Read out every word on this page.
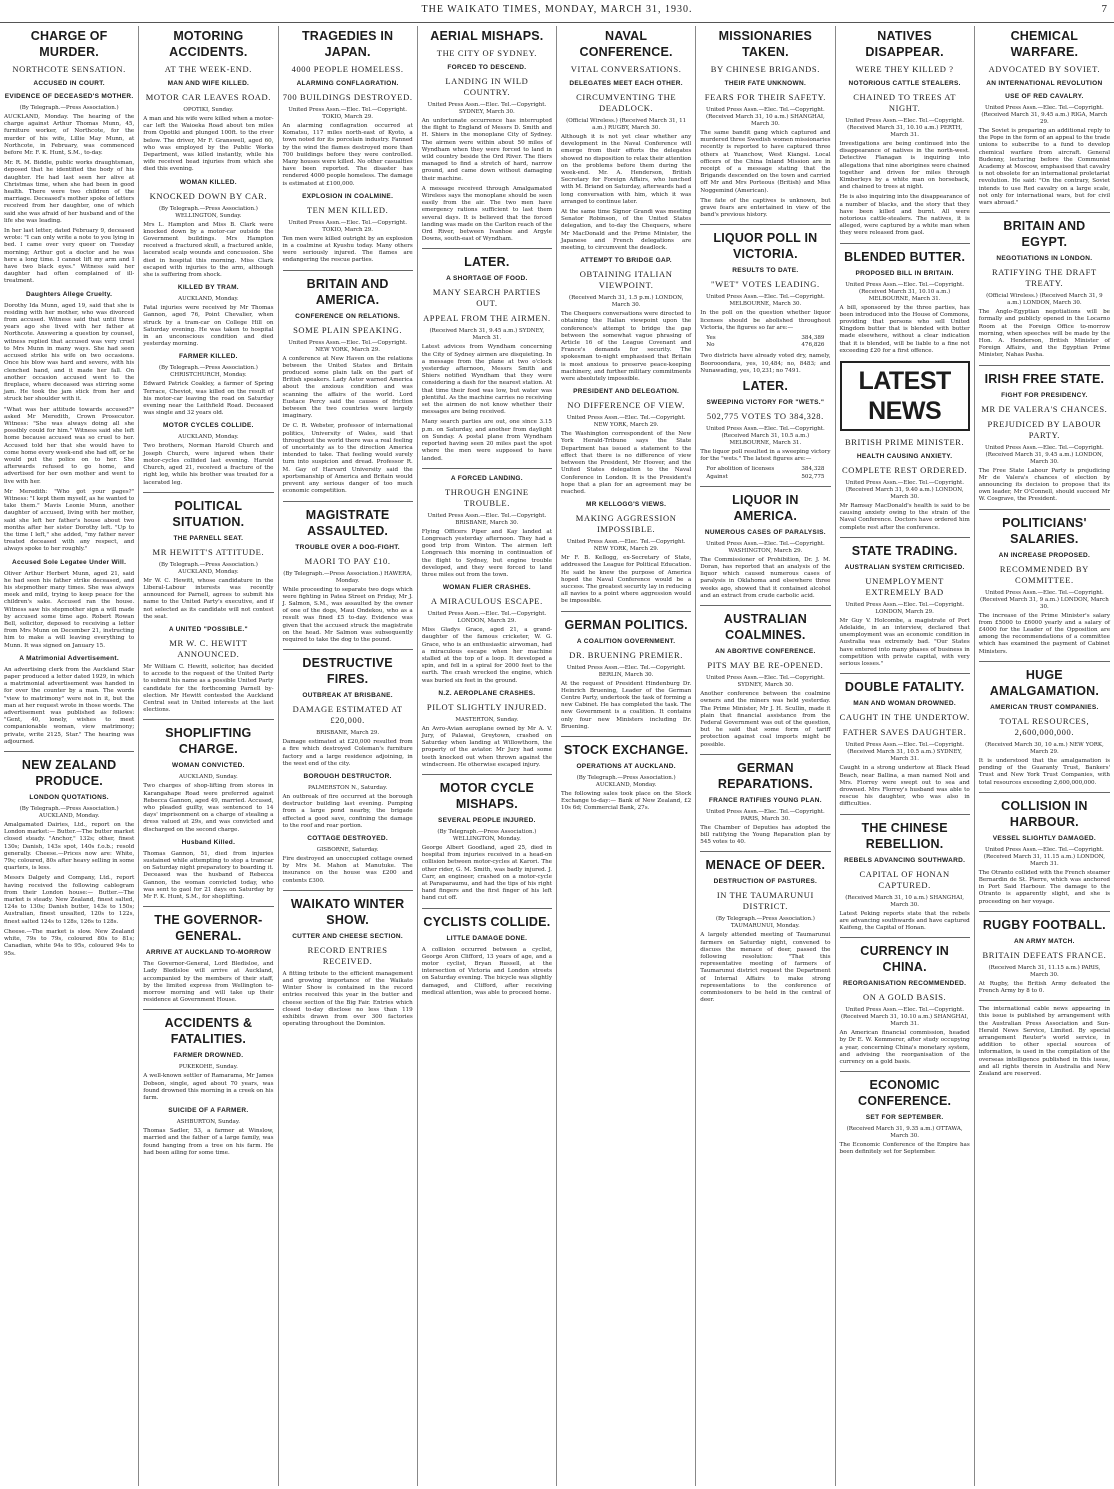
THE WAIKATO TIMES, MONDAY, MARCH 31, 1930.	7
CHARGE OF MURDER.
NORTHCOTE SENSATION.
ACCUSED IN COURT.
EVIDENCE OF DECEASED'S MOTHER.
(By Telegraph.—Press Association.)
AUCKLAND, Monday. The hearing of the charge against Arthur Thomas Munn, 45, furniture worker, of Northcote, for the murder of his wife, Lillie May Munn, at Northcote, in February, was commenced before Mr. F. K. Hunt, S.M., to-day.
Mr. R. M. Biddle, public works draughtsman, deposed that he identified the body of his daughter. He had last seen her alive at Christmas time, when she had been in good health. There were two children of the marriage. Deceased's mother spoke of letters received from her daughter, one of which said she was afraid of her husband and of the life she was leading.
In her last letter, dated February 9, deceased wrote: "I can only write a note to you lying in bed. I came over very queer on Tuesday morning; Arthur got a doctor and he was here a long time. I cannot lift my arm and I have two black eyes." Witness said her daughter had often complained of ill-treatment.
Daughters Allege Cruelty.
Dorothy Ida Munn, aged 19, said that she is residing with her mother, who was divorced from accused. Witness said that until three years ago she lived with her father at Northcote. Answering a question by counsel, witness replied that accused was very cruel to Mrs Munn in many ways. She had seen accused strike his wife on two occasions. Once his blow was hard and severe, with his clenched hand, and it made her fall. On another occasion accused went to the fireplace, where deceased was stirring some jam. He took the jam stick from her and struck her shoulder with it.
"What was her attitude towards accused?" asked Mr Meredith, Crown Prosecutor. Witness: "She was always doing all she possibly could for him." Witness said she left home because accused was so cruel to her. Accused told her that she would have to come home every week-end she had off, or he would put the police on to her. She afterwards refused to go home, and advertised for her own mother and went to live with her.
Mr Meredith: "Who got your pages?" Witness: "I kept them myself, as he wanted to take them." Mavis Leonie Munn, another daughter of accused, living with her mother, said she left her father's house about two months after her sister Dorothy left. "Up to the time I left," she added, "my father never treated deceased with any respect, and always spoke to her roughly."
Accused Sole Legatee Under Will.
Oliver Arthur Herbert Munn, aged 21, said he had seen his father strike deceased, and his stepmother many times. She was always meek and mild, trying to keep peace for the children's sake. Accused ran the house. Witness saw his stepmother sign a will made by accused some time ago. Robert Rowan Bell, solicitor, deposed to receiving a letter from Mrs Munn on December 21, instructing him to make a will leaving everything to Munn. It was signed on January 15.
A Matrimonial Advertisement.
An advertising clerk from the Auckland Star paper produced a letter dated 1929, in which a matrimonial advertisement was handed in for over the counter by a man. The words "view to matrimony" were not in it, but the man at her request wrote in those words. The advertisement was published as follows: "Gent, 40, lonely, wishes to meet companionable woman, view matrimony; private, write 2125, Star." The hearing was adjourned.
NEW ZEALAND PRODUCE.
LONDON QUOTATIONS.
(By Telegraph.—Press Association.) AUCKLAND, Monday.
Amalgamated Dairies, Ltd., report on the London market:— Butter.—The butter market closed steady. "Anchor," 132s; other, finest 130s; Danish, 143s spot, 140s f.o.b.; resold generally. Cheese.—Prices now are: White, 79s; coloured, 80s after heavy selling in some quarters, is less.
Messrs Dalgety and Company, Ltd., report having received the following cablegram from their London house:— Butter.—The market is steady. New Zealand, finest salted, 124s to 130s; Danish butter, 143s to 150s; Australian, finest unsalted, 120s to 122s, finest salted 124s to 128s, 126s to 128s.
Cheese.—The market is slow. New Zealand white, 79s to 79s, coloured 80s to 81s; Canadian, white 94s to 95s, coloured 94s to 95s.
MOTORING ACCIDENTS.
AT THE WEEK-END.
MAN AND WIFE KILLED.
MOTOR CAR LEAVES ROAD.
OPOTIKI, Sunday.
A man and his wife were killed when a motor-car left the Waioeka Road about ten miles from Opotiki and plunged 100ft. to the river below. The driver, Mr F. Granswell, aged 60, who was employed by the Public Works Department, was killed instantly, while his wife received head injuries from which she died this evening.
WOMAN KILLED.
KNOCKED DOWN BY CAR.
(By Telegraph.—Press Association.) WELLINGTON, Sunday.
Mrs L. Hampton and Miss B. Clark were knocked down by a motor-car outside the Government buildings. Mrs Hampton received a fractured skull, a fractured ankle, lacerated scalp wounds and concussion. She died in hospital this morning. Miss Clark escaped with injuries to the arm, although she is suffering from shock.
KILLED BY TRAM.
AUCKLAND, Monday.
Fatal injuries were received by Mr Thomas Gannon, aged 76, Point Chevalier, when struck by a tram-car on College Hill on Saturday evening. He was taken to hospital in an unconscious condition and died yesterday morning.
FARMER KILLED.
(By Telegraph.—Press Association.) CHRISTCHURCH, Monday.
Edward Patrick Coakley, a farmer of Spring Terrace, Cheviot, was killed on the result of his motor-car leaving the road on Saturday evening near the Leithfield Road. Deceased was single and 32 years old.
MOTOR CYCLES COLLIDE.
AUCKLAND, Monday.
Two brothers, Norman Harold Church and Joseph Church, were injured when their motor-cycles collided last evening. Harold Church, aged 21, received a fracture of the right leg, while his brother was treated for a lacerated leg.
POLITICAL SITUATION.
THE PARNELL SEAT.
MR HEWITT'S ATTITUDE.
(By Telegraph.—Press Association.) AUCKLAND, Monday.
Mr W. C. Hewitt, whose candidature in the Liberal-Labour interests was recently announced for Parnell, agrees to submit his name to the United Party's executive, and if not selected as its candidate will not contest the seat.
A UNITED "POSSIBLE."
MR W. C. HEWITT ANNOUNCED.
Mr William C. Hewitt, solicitor, has decided to accede to the request of the United Party to submit his name as a possible United Party candidate for the forthcoming Parnell by-election. Mr Hewitt contested the Auckland Central seat in United interests at the last elections.
SHOPLIFTING CHARGE.
WOMAN CONVICTED.
AUCKLAND, Sunday.
Two charges of shop-lifting from stores in Karangahape Road were preferred against Rebecca Gannon, aged 49, married. Accused, who pleaded guilty, was sentenced to 14 days' imprisonment on a charge of stealing a dress valued at 29s, and was convicted and discharged on the second charge.
Husband Killed.
Thomas Gannon, 51, died from injuries sustained while attempting to stop a tramcar on Saturday night preparatory to boarding it. Deceased was the husband of Rebecca Gannon, the woman convicted today, who was sent to gaol for 21 days on Saturday by Mr F. K. Hunt, S.M., for shoplifting.
THE GOVERNOR-GENERAL.
ARRIVE AT AUCKLAND TO-MORROW
The Governor-General, Lord Bledisloe, and Lady Bledisloe will arrive at Auckland, accompanied by the members of their staff, by the limited express from Wellington to-morrow morning and will take up their residence at Government House.
ACCIDENTS & FATALITIES.
FARMER DROWNED.
PUKEKOHE, Sunday.
A well-known settler of Ramarama, Mr James Dobson, single, aged about 70 years, was found drowned this morning in a creek on his farm.
SUICIDE OF A FARMER.
ASHBURTON, Sunday.
Thomas Sadler, 53, a farmer at Winslow, married and the father of a large family, was found hanging from a tree on his farm. He had been ailing for some time.
TRAGEDIES IN JAPAN.
4000 PEOPLE HOMELESS.
ALARMING CONFLAGRATION.
700 BUILDINGS DESTROYED.
United Press Assn.—Elec. Tel.—Copyright. TOKIO, March 29.
An alarming conflagration occurred at Komatsu, 117 miles north-east of Kyoto, a town noted for its porcelain industry. Fanned by the wind the flames destroyed more than 700 buildings before they were controlled. Many houses were killed. No other casualties have been reported. The disaster has rendered 4000 people homeless. The damage is estimated at £100,000.
EXPLOSION IN COALMINE.
TEN MEN KILLED.
United Press Assn.—Elec. Tel.—Copyright. TOKIO, March 29.
Ten men were killed outright by an explosion in a coalmine at Kyushu today. Many others were seriously injured. The flames are endangering the rescue parties.
BRITAIN AND AMERICA.
CONFERENCE ON RELATIONS.
SOME PLAIN SPEAKING.
United Press Assn.—Elec. Tel.—Copyright. NEW YORK, March 29.
A conference at New Haven on the relations between the United States and Britain produced some plain talk on the part of British speakers. Lady Astor warned America about the anxious condition and was scanning the affairs of the world. Lord Eustace Percy said the causes of friction between the two countries were largely imaginary.
Dr C. R. Webster, professor of international politics, University of Wales, said that throughout the world there was a real feeling of uncertainty as to the direction America intended to take. That feeling would surely turn into suspicion and dread. Professor R. M. Gay of Harvard University said the sportsmanship of America and Britain would prevent any serious danger of too much economic competition.
MAGISTRATE ASSAULTED.
TROUBLE OVER A DOG-FIGHT.
MAORI TO PAY £10.
(By Telegraph.—Press Association.) HAWERA, Monday.
While proceeding to separate two dogs which were fighting in Patea Street on Friday, Mr J. J. Salmon, S.M., was assaulted by the owner of one of the dogs, Maui Ondekou, who as a result was fined £5 to-day. Evidence was given that the accused struck the magistrate on the head. Mr Salmon was subsequently required to take the dog to the pound.
DESTRUCTIVE FIRES.
OUTBREAK AT BRISBANE.
DAMAGE ESTIMATED AT £20,000.
BRISBANE, March 29.
Damage estimated at £20,000 resulted from a fire which destroyed Coleman's furniture factory and a large residence adjoining, in the west end of the city.
BOROUGH DESTRUCTOR.
PALMERSTON N., Saturday.
An outbreak of fire occurred at the borough destructor building last evening. Pumping from a large pond nearby, the brigade effected a good save, confining the damage to the roof and rear portion.
COTTAGE DESTROYED.
GISBORNE, Saturday.
Fire destroyed an unoccupied cottage owned by Mrs M. Mahon at Manutuke. The insurance on the house was £200 and contents £300.
WAIKATO WINTER SHOW.
CUTTER AND CHEESE SECTION.
RECORD ENTRIES RECEIVED.
A fitting tribute to the efficient management and growing importance of the Waikato Winter Show is contained in the record entries received this year in the butter and cheese section of the Big Fair. Entries which closed to-day disclose no less than 119 exhibits drawn from over 300 factories operating throughout the Dominion.
AERIAL MISHAPS.
THE CITY OF SYDNEY.
FORCED TO DESCEND.
LANDING IN WILD COUNTRY.
United Press Assn.—Elec. Tel.—Copyright. SYDNEY, March 30.
An unfortunate occurrence has interrupted the flight to England of Messrs D. Smith and H. Shiers in the monoplane City of Sydney. The airmen were within about 50 miles of Wyndham when they were forced to land in wild country beside the Ord River. The fliers managed to find a stretch of hard, narrow ground, and came down without damaging their machine.
A message received through Amalgamated Wireless says the monoplane should be seen easily from the air. The two men have emergency rations sufficient to last them several days. It is believed that the forced landing was made on the Carlton reach of the Ord River, between Ivanhoe and Argyle Downs, south-east of Wyndham.
LATER.
A SHORTAGE OF FOOD.
MANY SEARCH PARTIES OUT.
APPEAL FROM THE AIRMEN.
(Received March 31, 9.45 a.m.) SYDNEY, March 31.
Latest advices from Wyndham concerning the City of Sydney airmen are disquieting. In a message from the plane at two o'clock yesterday afternoon, Messrs Smith and Shiers notified Wyndham that they were considering a dash for the nearest station. At that time their food was low, but water was plentiful. As the machine carries no receiving set the airmen do not know whether their messages are being received.
Many search parties are out, one since 3.15 p.m. on Saturday, and another from daylight on Sunday. A postal plane from Wyndham reported having seen 20 miles past the spot where the men were supposed to have landed.
A FORCED LANDING.
THROUGH ENGINE TROUBLE.
United Press Assn.—Elec. Tel.—Copyright. BRISBANE, March 30.
Flying Officers Piper and Kay landed at Longreach yesterday afternoon. They had a good trip from Winton. The airmen left Longreach this morning in continuation of the flight to Sydney, but engine trouble developed, and they were forced to land three miles out from the town.
WOMAN FLIER CRASHES.
A MIRACULOUS ESCAPE.
United Press Assn.—Elec. Tel.—Copyright. LONDON, March 29.
Miss Gladys Grace, aged 21, a grand-daughter of the famous cricketer, W. G. Grace, who is an enthusiastic airwoman, had a miraculous escape when her machine stalled at the top of a loop. It developed a spin, and fell in a spiral for 2000 feet to the earth. The crash wrecked the engine, which was buried six feet in the ground.
N.Z. AEROPLANE CRASHES.
PILOT SLIGHTLY INJURED.
MASTERTON, Sunday.
An Avro-Avian aeroplane owned by Mr A. V. Jury, of Palawai, Greytown, crashed on Saturday when landing at Willowthorn, the property of the aviator. Mr Jury had some teeth knocked out when thrown against the windscreen. He otherwise escaped injury.
MOTOR CYCLE MISHAPS.
SEVERAL PEOPLE INJURED.
(By Telegraph.—Press Association.) WELLINGTON, Monday.
George Albert Goodland, aged 25, died in hospital from injuries received in a head-on collision between motor-cycles at Karori. The other rider, G. M. Smith, was badly injured. J. Carr, an engineer, crashed on a motor-cycle at Paraparaumu, and had the tips of his right hand fingers and the first finger of his left hand cut off.
CYCLISTS COLLIDE.
LITTLE DAMAGE DONE.
A collision occurred between a cyclist, George Aron Clifford, 13 years of age, and a motor cyclist, Bryan Russell, at the intersection of Victoria and London streets on Saturday evening. The bicycle was slightly damaged, and Clifford, after receiving medical attention, was able to proceed home.
NAVAL CONFERENCE.
VITAL CONVERSATIONS.
DELEGATES MEET EACH OTHER.
CIRCUMVENTING THE DEADLOCK.
(Official Wireless.) (Received March 31, 11 a.m.) RUGBY, March 30.
Although it is not yet clear whether any development in the Naval Conference will emerge from their efforts the delegates showed no disposition to relax their attention on the problems before them during the week-end. Mr. A. Henderson, British Secretary for Foreign Affairs, who lunched with M. Briand on Saturday, afterwards had a long conversation with him, which it was arranged to continue later.
At the same time Signor Grandi was meeting Senator Robinson, of the United States delegation, and to-day the Chequers, where Mr MacDonald and the Prime Minister, the Japanese and French delegations are meeting, to circumvent the deadlock.
ATTEMPT TO BRIDGE GAP.
OBTAINING ITALIAN VIEWPOINT.
(Received March 31, 1.5 p.m.) LONDON, March 30.
The Chequers conversations were directed to obtaining the Italian viewpoint upon the conference's attempt to bridge the gap between the somewhat vague phrasing of Article 16 of the League Covenant and France's demands for security. The spokesman to-night emphasised that Britain is most anxious to preserve peace-keeping machinery, and further military commitments were absolutely impossible.
PRESIDENT AND DELEGATION.
NO DIFFERENCE OF VIEW.
United Press Assn.—Elec. Tel.—Copyright. NEW YORK, March 29.
The Washington correspondent of the New York Herald-Tribune says the State Department has issued a statement to the effect that there is no difference of view between the President, Mr Hoover, and the United States delegation to the Naval Conference in London. It is the President's hope that a plan for an agreement may be reached.
MR KELLOGG'S VIEWS.
MAKING AGGRESSION IMPOSSIBLE.
United Press Assn.—Elec. Tel.—Copyright. NEW YORK, March 29.
Mr F. B. Kellogg, ex-Secretary of State, addressed the League for Political Education. He said he knew the purpose of America hoped the Naval Conference would be a success. The greatest security lay in reducing all navies to a point where aggression would be impossible.
GERMAN POLITICS.
A COALITION GOVERNMENT.
DR. BRUENING PREMIER.
United Press Assn.—Elec. Tel.—Copyright. BERLIN, March 30.
At the request of President Hindenburg Dr. Heinrich Bruening, Leader of the German Centre Party, undertook the task of forming a new Cabinet. He has completed the task. The new Government is a coalition. It contains only four new Ministers including Dr. Bruening.
STOCK EXCHANGE.
OPERATIONS AT AUCKLAND.
(By Telegraph.—Press Association.) AUCKLAND, Monday.
The following sales took place on the Stock Exchange to-day:— Bank of New Zealand, £2 10s 6d; Commercial Bank, 27s.
MISSIONARIES TAKEN.
BY CHINESE BRIGANDS.
THEIR FATE UNKNOWN.
FEARS FOR THEIR SAFETY.
United Press Assn.—Elec. Tel.—Copyright. (Received March 31, 10 a.m.) SHANGHAI, March 30.
The same bandit gang which captured and murdered three Swedish women missionaries recently is reported to have captured three others at Yuanchow, West Kiangsi. Local officers of the China Inland Mission are in receipt of a message stating that the Brigands descended on the town and carried off Mr and Mrs Porteous (British) and Miss Noggemind (American).
The fate of the captives is unknown, but grave fears are entertained in view of the band's previous history.
LIQUOR POLL IN VICTORIA.
RESULTS TO DATE.
"WET" VOTES LEADING.
United Press Assn.—Elec. Tel.—Copyright. MELBOURNE, March 30.
In the poll on the question whether liquor licenses should be abolished throughout Victoria, the figures so far are:—
Yes	384,389
No	476,826
Two districts have already voted dry, namely, Boorooondara, yes, 10,484; no, 8483; and Nunawading, yes, 10,231; no 7491.
LATER.
SWEEPING VICTORY FOR "WETS."
502,775 VOTES TO 384,328.
United Press Assn.—Elec. Tel.—Copyright. (Received March 31, 10.5 a.m.) MELBOURNE, March 31.
The liquor poll resulted in a sweeping victory for the "wets." The latest figures are:—
For abolition of licenses	384,328
Against	502,775
LIQUOR IN AMERICA.
NUMEROUS CASES OF PARALYSIS.
United Press Assn.—Elec. Tel.—Copyright. WASHINGTON, March 29.
The Commissioner of Prohibition, Dr. J. M. Doran, has reported that an analysis of the liquor which caused numerous cases of paralysis in Oklahoma and elsewhere three weeks ago, showed that it contained alcohol and an extract from crude carbolic acid.
AUSTRALIAN COALMINES.
AN ABORTIVE CONFERENCE.
PITS MAY BE RE-OPENED.
United Press Assn.—Elec. Tel.—Copyright. SYDNEY, March 30.
Another conference between the coalmine owners and the miners was held yesterday. The Prime Minister, Mr J. H. Scullin, made it plain that financial assistance from the Federal Government was out of the question, but he said that some form of tariff protection against coal imports might be possible.
GERMAN REPARATIONS.
FRANCE RATIFIES YOUNG PLAN.
United Press Assn.—Elec. Tel.—Copyright. PARIS, March 30.
The Chamber of Deputies has adopted the bill ratifying the Young Reparation plan by 545 votes to 40.
MENACE OF DEER.
DESTRUCTION OF PASTURES.
IN THE TAUMARUNUI DISTRICT.
(By Telegraph.—Press Association.) TAUMARUNUI, Monday.
A largely attended meeting of Taumarunui farmers on Saturday night, convened to discuss the menace of deer, passed the following resolution: "That this representative meeting of farmers of Taumarunui district request the Department of Internal Affairs to make strong representations to the conference of commissioners to be held in the central of deer.
NATIVES DISAPPEAR.
WERE THEY KILLED ?
NOTORIOUS CATTLE STEALERS.
CHAINED TO TREES AT NIGHT.
United Press Assn.—Elec. Tel.—Copyright. (Received March 31, 10.10 a.m.) PERTH, March 31.
Investigations are being continued into the disappearance of natives in the north-west. Detective Flanagan is inquiring into allegations that nine aborigines were chained together and driven for miles through Kimberleys by a white man on horseback, and chained to trees at night.
He is also inquiring into the disappearance of a number of blacks, and the story that they have been killed and burnt. All were notorious cattle-stealers. The natives, it is alleged, were captured by a white man when they were released from gaol.
BLENDED BUTTER.
PROPOSED BILL IN BRITAIN.
United Press Assn.—Elec. Tel.—Copyright. (Received March 31, 10.10 a.m.) MELBOURNE, March 31.
A bill, sponsored by the three parties, has been introduced into the House of Commons, providing that persons who sell United Kingdom butter that is blended with butter made elsewhere, without a clear indication that it is blended, will be liable to a fine not exceeding £20 for a first offence.
LATEST NEWS
BRITISH PRIME MINISTER.
HEALTH CAUSING ANXIETY.
COMPLETE REST ORDERED.
United Press Assn.—Elec. Tel.—Copyright. (Received March 31, 9.40 a.m.) LONDON, March 30.
Mr Ramsay MacDonald's health is said to be causing anxiety owing to the strain of the Naval Conference. Doctors have ordered him complete rest after the conference.
STATE TRADING.
AUSTRALIAN SYSTEM CRITICISED.
UNEMPLOYMENT EXTREMELY BAD
United Press Assn.—Elec. Tel.—Copyright. LONDON, March 29.
Mr Guy V. Holcombe, a magistrate of Port Adelaide, in an interview, declared that unemployment was an economic condition in Australia was extremely bad. "Our States have entered into many phases of business in competition with private capital, with very serious losses."
DOUBLE FATALITY.
MAN AND WOMAN DROWNED.
CAUGHT IN THE UNDERTOW.
FATHER SAVES DAUGHTER.
United Press Assn.—Elec. Tel.—Copyright. (Received March 31, 10.5 a.m.) SYDNEY, March 31.
Caught in a strong undertow at Black Head Beach, near Ballina, a man named Noil and Mrs. Florrey were swept out to sea and drowned. Mrs Florrey's husband was able to rescue his daughter, who was also in difficulties.
THE CHINESE REBELLION.
REBELS ADVANCING SOUTHWARD.
CAPITAL OF HONAN CAPTURED.
(Received March 31, 10 a.m.) SHANGHAI, March 30.
Latest Peking reports state that the rebels are advancing southwards and have captured Kaifeng, the Capital of Honan.
CURRENCY IN CHINA.
REORGANISATION RECOMMENDED.
ON A GOLD BASIS.
United Press Assn.—Elec. Tel.—Copyright. (Received March 31, 10.10 a.m.) SHANGHAI, March 31.
An American financial commission, headed by Dr E. W. Kemmerer, after study occupying a year, concerning China's monetary system, and advising the reorganisation of the currency on a gold basis.
ECONOMIC CONFERENCE.
SET FOR SEPTEMBER.
(Received March 31, 9.35 a.m.) OTTAWA, March 30.
The Economic Conference of the Empire has been definitely set for September.
CHEMICAL WARFARE.
ADVOCATED BY SOVIET.
AN INTERNATIONAL REVOLUTION
USE OF RED CAVALRY.
United Press Assn.—Elec. Tel.—Copyright. (Received March 31, 9.45 a.m.) RIGA, March 29.
The Soviet is preparing an additional reply to the Pope in the form of an appeal to the trade unions to subscribe to a fund to develop chemical warfare from aircraft. General Budenny, lecturing before the Communist Academy at Moscow, emphasised that cavalry is not obsolete for an international proletariat revolution. He said: "On the contrary, Soviet intends to use Red cavalry on a large scale, not only for international wars, but for civil wars abroad."
BRITAIN AND EGYPT.
NEGOTIATIONS IN LONDON.
RATIFYING THE DRAFT TREATY.
(Official Wireless.) (Received March 31, 9 a.m.) LONDON, March 30.
The Anglo-Egyptian negotiations will be formally and publicly opened in the Locarno Room at the Foreign Office to-morrow morning, when speeches will be made by the Hon. A. Henderson, British Minister of Foreign Affairs, and the Egyptian Prime Minister, Nahas Pasha.
IRISH FREE STATE.
FIGHT FOR PRESIDENCY.
MR DE VALERA'S CHANCES.
PREJUDICED BY LABOUR PARTY.
United Press Assn.—Elec. Tel.—Copyright. (Received March 31, 9.45 a.m.) LONDON, March 30.
The Free State Labour Party is prejudicing Mr de Valera's chances of election by announcing its decision to propose that its own leader, Mr O'Connell, should succeed Mr W. Cosgrave, the President.
POLITICIANS' SALARIES.
AN INCREASE PROPOSED.
RECOMMENDED BY COMMITTEE.
United Press Assn.—Elec. Tel.—Copyright. (Received March 31, 9 a.m.) LONDON, March 30.
The increase of the Prime Minister's salary from £5000 to £6000 yearly and a salary of £4000 for the Leader of the Opposition are among the recommendations of a committee which has examined the payment of Cabinet Ministers.
HUGE AMALGAMATION.
AMERICAN TRUST COMPANIES.
TOTAL RESOURCES, 2,600,000,000.
(Received March 30, 10 a.m.) NEW YORK, March 29.
It is understood that the amalgamation is pending of the Guaranty Trust, Bankers' Trust and New York Trust Companies, with total resources exceeding 2,600,000,000.
COLLISION IN HARBOUR.
VESSEL SLIGHTLY DAMAGED.
United Press Assn.—Elec. Tel.—Copyright. (Received March 31, 11.15 a.m.) LONDON, March 31.
The Otranto collided with the French steamer Bernardin de St. Pierre, which was anchored in Port Said Harbour. The damage to the Otranto is apparently slight, and she is proceeding on her voyage.
RUGBY FOOTBALL.
AN ARMY MATCH.
BRITAIN DEFEATS FRANCE.
(Received March 31, 11.15 a.m.) PARIS, March 30.
At Rugby, the British Army defeated the French Army by 8 to 0.
The international cable news appearing in this issue is published by arrangement with the Australian Press Association and Sun-Herald News Service, Limited. By special arrangement Reuter's world service, in addition to other special sources of information, is used in the compilation of the overseas intelligence published in this issue, and all rights therein in Australia and New Zealand are reserved.
